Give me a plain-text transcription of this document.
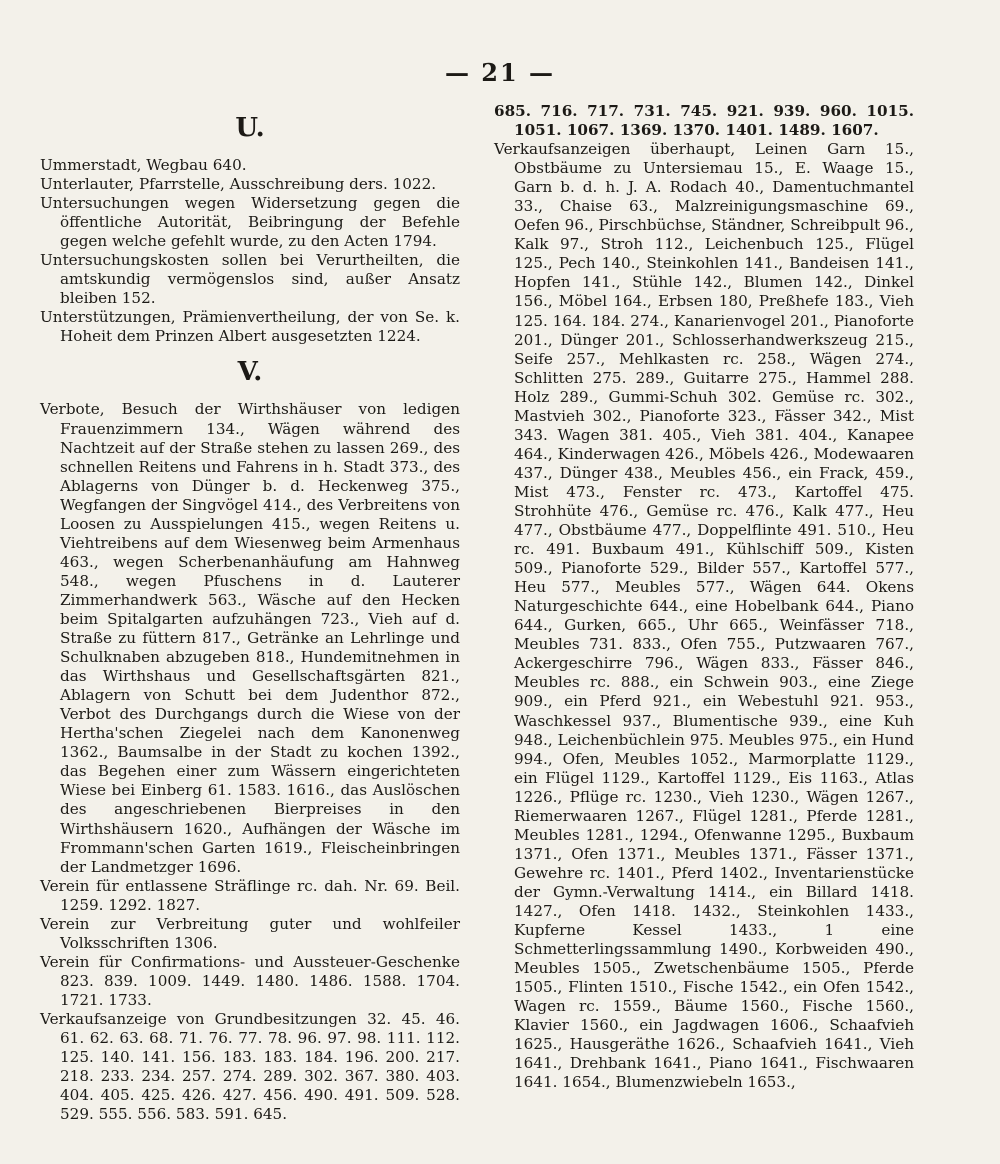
— 21 —
U.

Ummerstadt, Wegbau 640.

Unterlauter, Pfarrstelle, Ausschreibung ders. 1022.

Untersuchungen wegen Widersetzung gegen die öffentliche Autorität, Beibringung der Befehle gegen welche gefehlt wurde, zu den Acten 1794.

Untersuchungskosten sollen bei Verurtheilten, die amtskundig vermögenslos sind, außer Ansatz bleiben 152.

Unterstützungen, Prämienvertheilung, der von Se. k. Hoheit dem Prinzen Albert ausgesetzten 1224.

V.

Verbote, Besuch der Wirthshäuser von ledigen Frauenzimmern 134., Wägen während des Nachtzeit auf der Straße stehen zu lassen 269., des schnellen Reitens und Fahrens in h. Stadt 373., des Ablagerns von Dünger b. d. Heckenweg 375., Wegfangen der Singvögel 414., des Verbreitens von Loosen zu Ausspielungen 415., wegen Reitens u. Viehtreibens auf dem Wiesenweg beim Armenhaus 463., wegen Scherbenanhäufung am Hahnweg 548., wegen Pfuschens in d. Lauterer Zimmerhandwerk 563., Wäsche auf den Hecken beim Spitalgarten aufzuhängen 723., Vieh auf d. Straße zu füttern 817., Getränke an Lehrlinge und Schulknaben abzugeben 818., Hundemitnehmen in das Wirthshaus und Gesellschaftsgärten 821., Ablagern von Schutt bei dem Judenthor 872., Verbot des Durchgangs durch die Wiese von der Hertha'schen Ziegelei nach dem Kanonenweg 1362., Baumsalbe in der Stadt zu kochen 1392., das Begehen einer zum Wässern eingerichteten Wiese bei Einberg 61. 1583. 1616., das Auslöschen des angeschriebenen Bierpreises in den Wirthshäusern 1620., Aufhängen der Wäsche im Frommann'schen Garten 1619., Fleischeinbringen der Landmetzger 1696.

Verein für entlassene Sträflinge rc. dah. Nr. 69. Beil. 1259. 1292. 1827.

Verein zur Verbreitung guter und wohlfeiler Volksschriften 1306.

Verein für Confirmations- und Aussteuer-Geschenke 823. 839. 1009. 1449. 1480. 1486. 1588. 1704. 1721. 1733.

Verkaufsanzeige von Grundbesitzungen 32. 45. 46. 61. 62. 63. 68. 71. 76. 77. 78. 96. 97. 98. 111. 112. 125. 140. 141. 156. 183. 183. 184. 196. 200. 217. 218. 233. 234. 257. 274. 289. 302. 367. 380. 403. 404. 405. 425. 426. 427. 456. 490. 491. 509. 528. 529. 555. 556. 583. 591. 645.

685. 716. 717. 731. 745. 921. 939. 960. 1015. 1051. 1067. 1369. 1370. 1401. 1489. 1607.

Verkaufsanzeigen überhaupt, Leinen Garn 15., Obstbäume zu Untersiemau 15., E. Waage 15., Garn b. d. h. J. A. Rodach 40., Damentuchmantel 33., Chaise 63., Malzreinigungsmaschine 69., Oefen 96., Pirschbüchse, Ständner, Schreibpult 96., Kalk 97., Stroh 112., Leichenbuch 125., Flügel 125., Pech 140., Steinkohlen 141., Bandeisen 141., Hopfen 141., Stühle 142., Blumen 142., Dinkel 156., Möbel 164., Erbsen 180, Preßhefe 183., Vieh 125. 164. 184. 274., Kanarienvogel 201., Pianoforte 201., Dünger 201., Schlosserhandwerkszeug 215., Seife 257., Mehlkasten rc. 258., Wägen 274., Schlitten 275. 289., Guitarre 275., Hammel 288. Holz 289., Gummi-Schuh 302. Gemüse rc. 302., Mastvieh 302., Pianoforte 323., Fässer 342., Mist 343. Wagen 381. 405., Vieh 381. 404., Kanapee 464., Kinderwagen 426., Möbels 426., Modewaaren 437., Dünger 438., Meubles 456., ein Frack, 459., Mist 473., Fenster rc. 473., Kartoffel 475. Strohhüte 476., Gemüse rc. 476., Kalk 477., Heu 477., Obstbäume 477., Doppelflinte 491. 510., Heu rc. 491. Buxbaum 491., Kühlschiff 509., Kisten 509., Pianoforte 529., Bilder 557., Kartoffel 577., Heu 577., Meubles 577., Wägen 644. Okens Naturgeschichte 644., eine Hobelbank 644., Piano 644., Gurken, 665., Uhr 665., Weinfässer 718., Meubles 731. 833., Ofen 755., Putzwaaren 767., Ackergeschirre 796., Wägen 833., Fässer 846., Meubles rc. 888., ein Schwein 903., eine Ziege 909., ein Pferd 921., ein Webestuhl 921. 953., Waschkessel 937., Blumentische 939., eine Kuh 948., Leichenbüchlein 975. Meubles 975., ein Hund 994., Ofen, Meubles 1052., Marmorplatte 1129., ein Flügel 1129., Kartoffel 1129., Eis 1163., Atlas 1226., Pflüge rc. 1230., Vieh 1230., Wägen 1267., Riemerwaaren 1267., Flügel 1281., Pferde 1281., Meubles 1281., 1294., Ofenwanne 1295., Buxbaum 1371., Ofen 1371., Meubles 1371., Fässer 1371., Gewehre rc. 1401., Pferd 1402., Inventarienstücke der Gymn.-Verwaltung 1414., ein Billard 1418. 1427., Ofen 1418. 1432., Steinkohlen 1433., Kupferne Kessel 1433., 1 eine Schmetterlingssammlung 1490., Korbweiden 490., Meubles 1505., Zwetschenbäume 1505., Pferde 1505., Flinten 1510., Fische 1542., ein Ofen 1542., Wagen rc. 1559., Bäume 1560., Fische 1560., Klavier 1560., ein Jagdwagen 1606., Schaafvieh 1625., Hausgeräthe 1626., Schaafvieh 1641., Vieh 1641., Drehbank 1641., Piano 1641., Fischwaaren 1641. 1654., Blumenzwiebeln 1653.,
